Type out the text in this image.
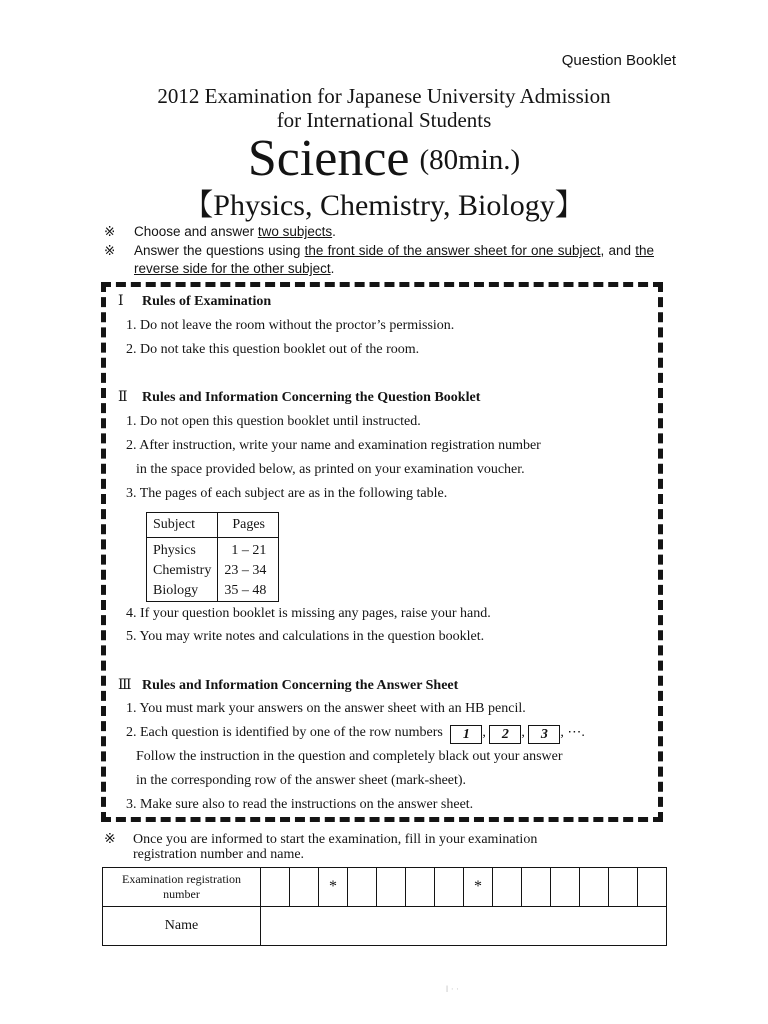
Question Booklet
2012 Examination for Japanese University Admission
for International Students
Science (80min.)
【Physics, Chemistry, Biology】
※ Choose and answer two subjects.
※ Answer the questions using the front side of the answer sheet for one subject, and the reverse side for the other subject.
Ⅰ Rules of Examination
1. Do not leave the room without the proctor’s permission.
2. Do not take this question booklet out of the room.
Ⅱ Rules and Information Concerning the Question Booklet
1. Do not open this question booklet until instructed.
2. After instruction, write your name and examination registration number
in the space provided below, as printed on your examination voucher.
3. The pages of each subject are as in the following table.
Subject	Pages
Physics	1 – 21
Chemistry	23 – 34
Biology	35 – 48
4. If your question booklet is missing any pages, raise your hand.
5. You may write notes and calculations in the question booklet.
Ⅲ Rules and Information Concerning the Answer Sheet
1. You must mark your answers on the answer sheet with an HB pencil.
2. Each question is identified by one of the row numbers 1 , 2 , 3 , ⋯.
Follow the instruction in the question and completely black out your answer
in the corresponding row of the answer sheet (mark-sheet).
3. Make sure also to read the instructions on the answer sheet.
※ Once you are informed to start the examination, fill in your examination
registration number and name.
Examination registration number			*					*						
Name														
‖ · ·
